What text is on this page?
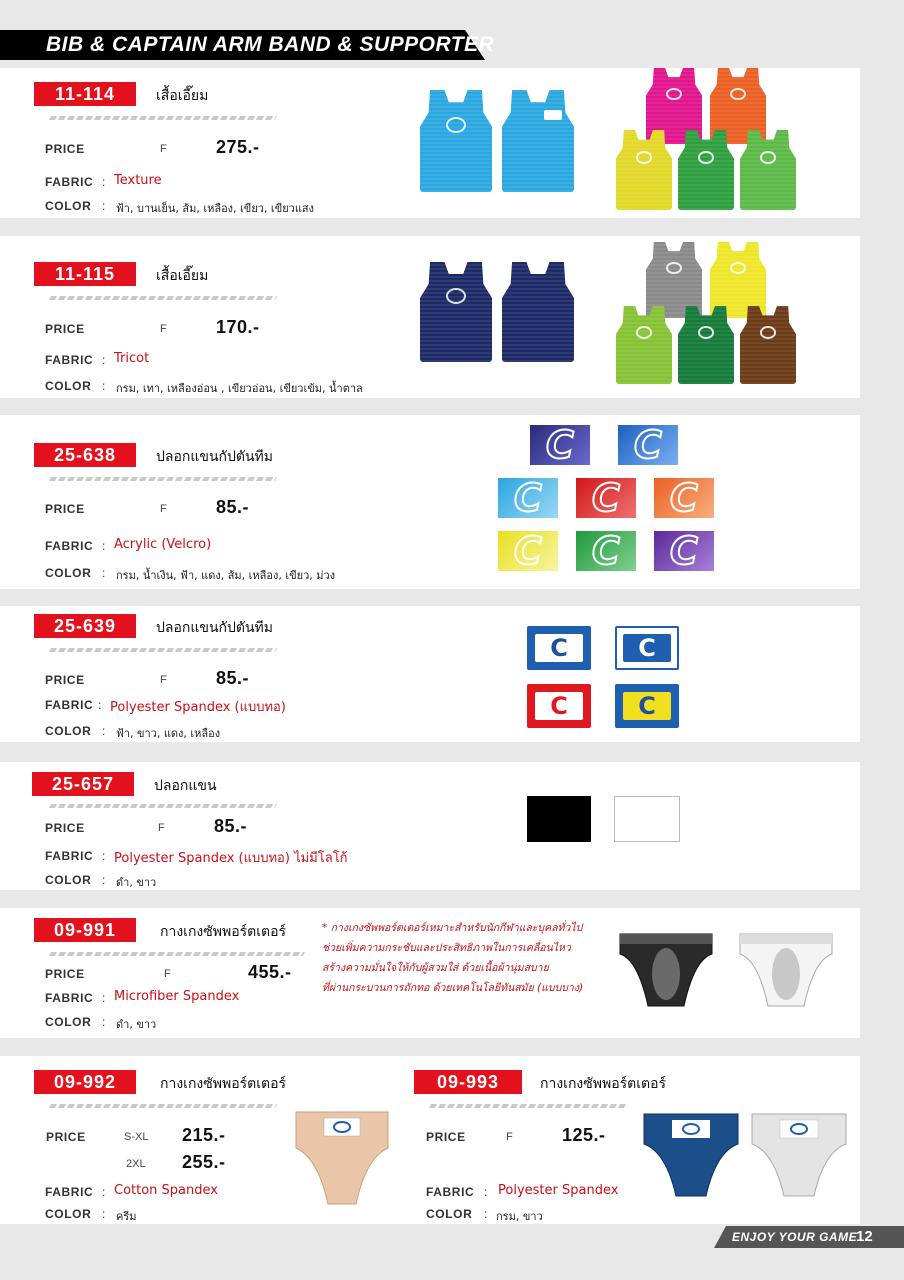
BIB & CAPTAIN ARM BAND & SUPPORTER
11-114	เสื้อเอี๊ยม
PRICE	F	275.-
FABRIC : Texture
COLOR : ฟ้า, บานเย็น, ส้ม, เหลือง, เขียว, เขียวแสง
11-115	เสื้อเอี๊ยม
PRICE	F	170.-
FABRIC : Tricot
COLOR : กรม, เทา, เหลืองอ่อน , เขียวอ่อน, เขียวเข้ม, น้ำตาล
25-638	ปลอกแขนกัปตันทีม
PRICE	F	85.-
FABRIC : Acrylic (Velcro)
COLOR : กรม, น้ำเงิน, ฟ้า, แดง, ส้ม, เหลือง, เขียว, ม่วง
C	C
C	C	C
C	C	C
25-639	ปลอกแขนกัปตันทีม
PRICE	F	85.-
FABRIC : Polyester Spandex (แบบทอ)
COLOR : ฟ้า, ขาว, แดง, เหลือง
C	C
C	C
25-657	ปลอกแขน
PRICE	F	85.-
FABRIC : Polyester Spandex (แบบทอ) ไม่มีโลโก้
COLOR : ดำ, ขาว
09-991	กางเกงซัพพอร์ตเตอร์
PRICE	F	455.-
FABRIC : Microfiber Spandex
COLOR : ดำ, ขาว
* กางเกงซัพพอร์ตเตอร์เหมาะสำหรับนักกีฬาและบุคลทั่วไป
ช่วยเพิ่มความกระชับและประสิทธิภาพในการเคลื่อนไหว
สร้างความมั่นใจให้กับผู้สวมใส่ ด้วยเนื้อผ้านุ่มสบาย
ที่ผ่านกระบวนการถักทอ ด้วยเทคโนโลยีทันสมัย (แบบบาง)
09-992	กางเกงซัพพอร์ตเตอร์
PRICE	S-XL 215.-
2XL 255.-
FABRIC : Cotton Spandex
COLOR : ครีม
09-993	กางเกงซัพพอร์ตเตอร์
PRICE	F	125.-
FABRIC : Polyester Spandex
COLOR : กรม, ขาว
ENJOY YOUR GAME
12
